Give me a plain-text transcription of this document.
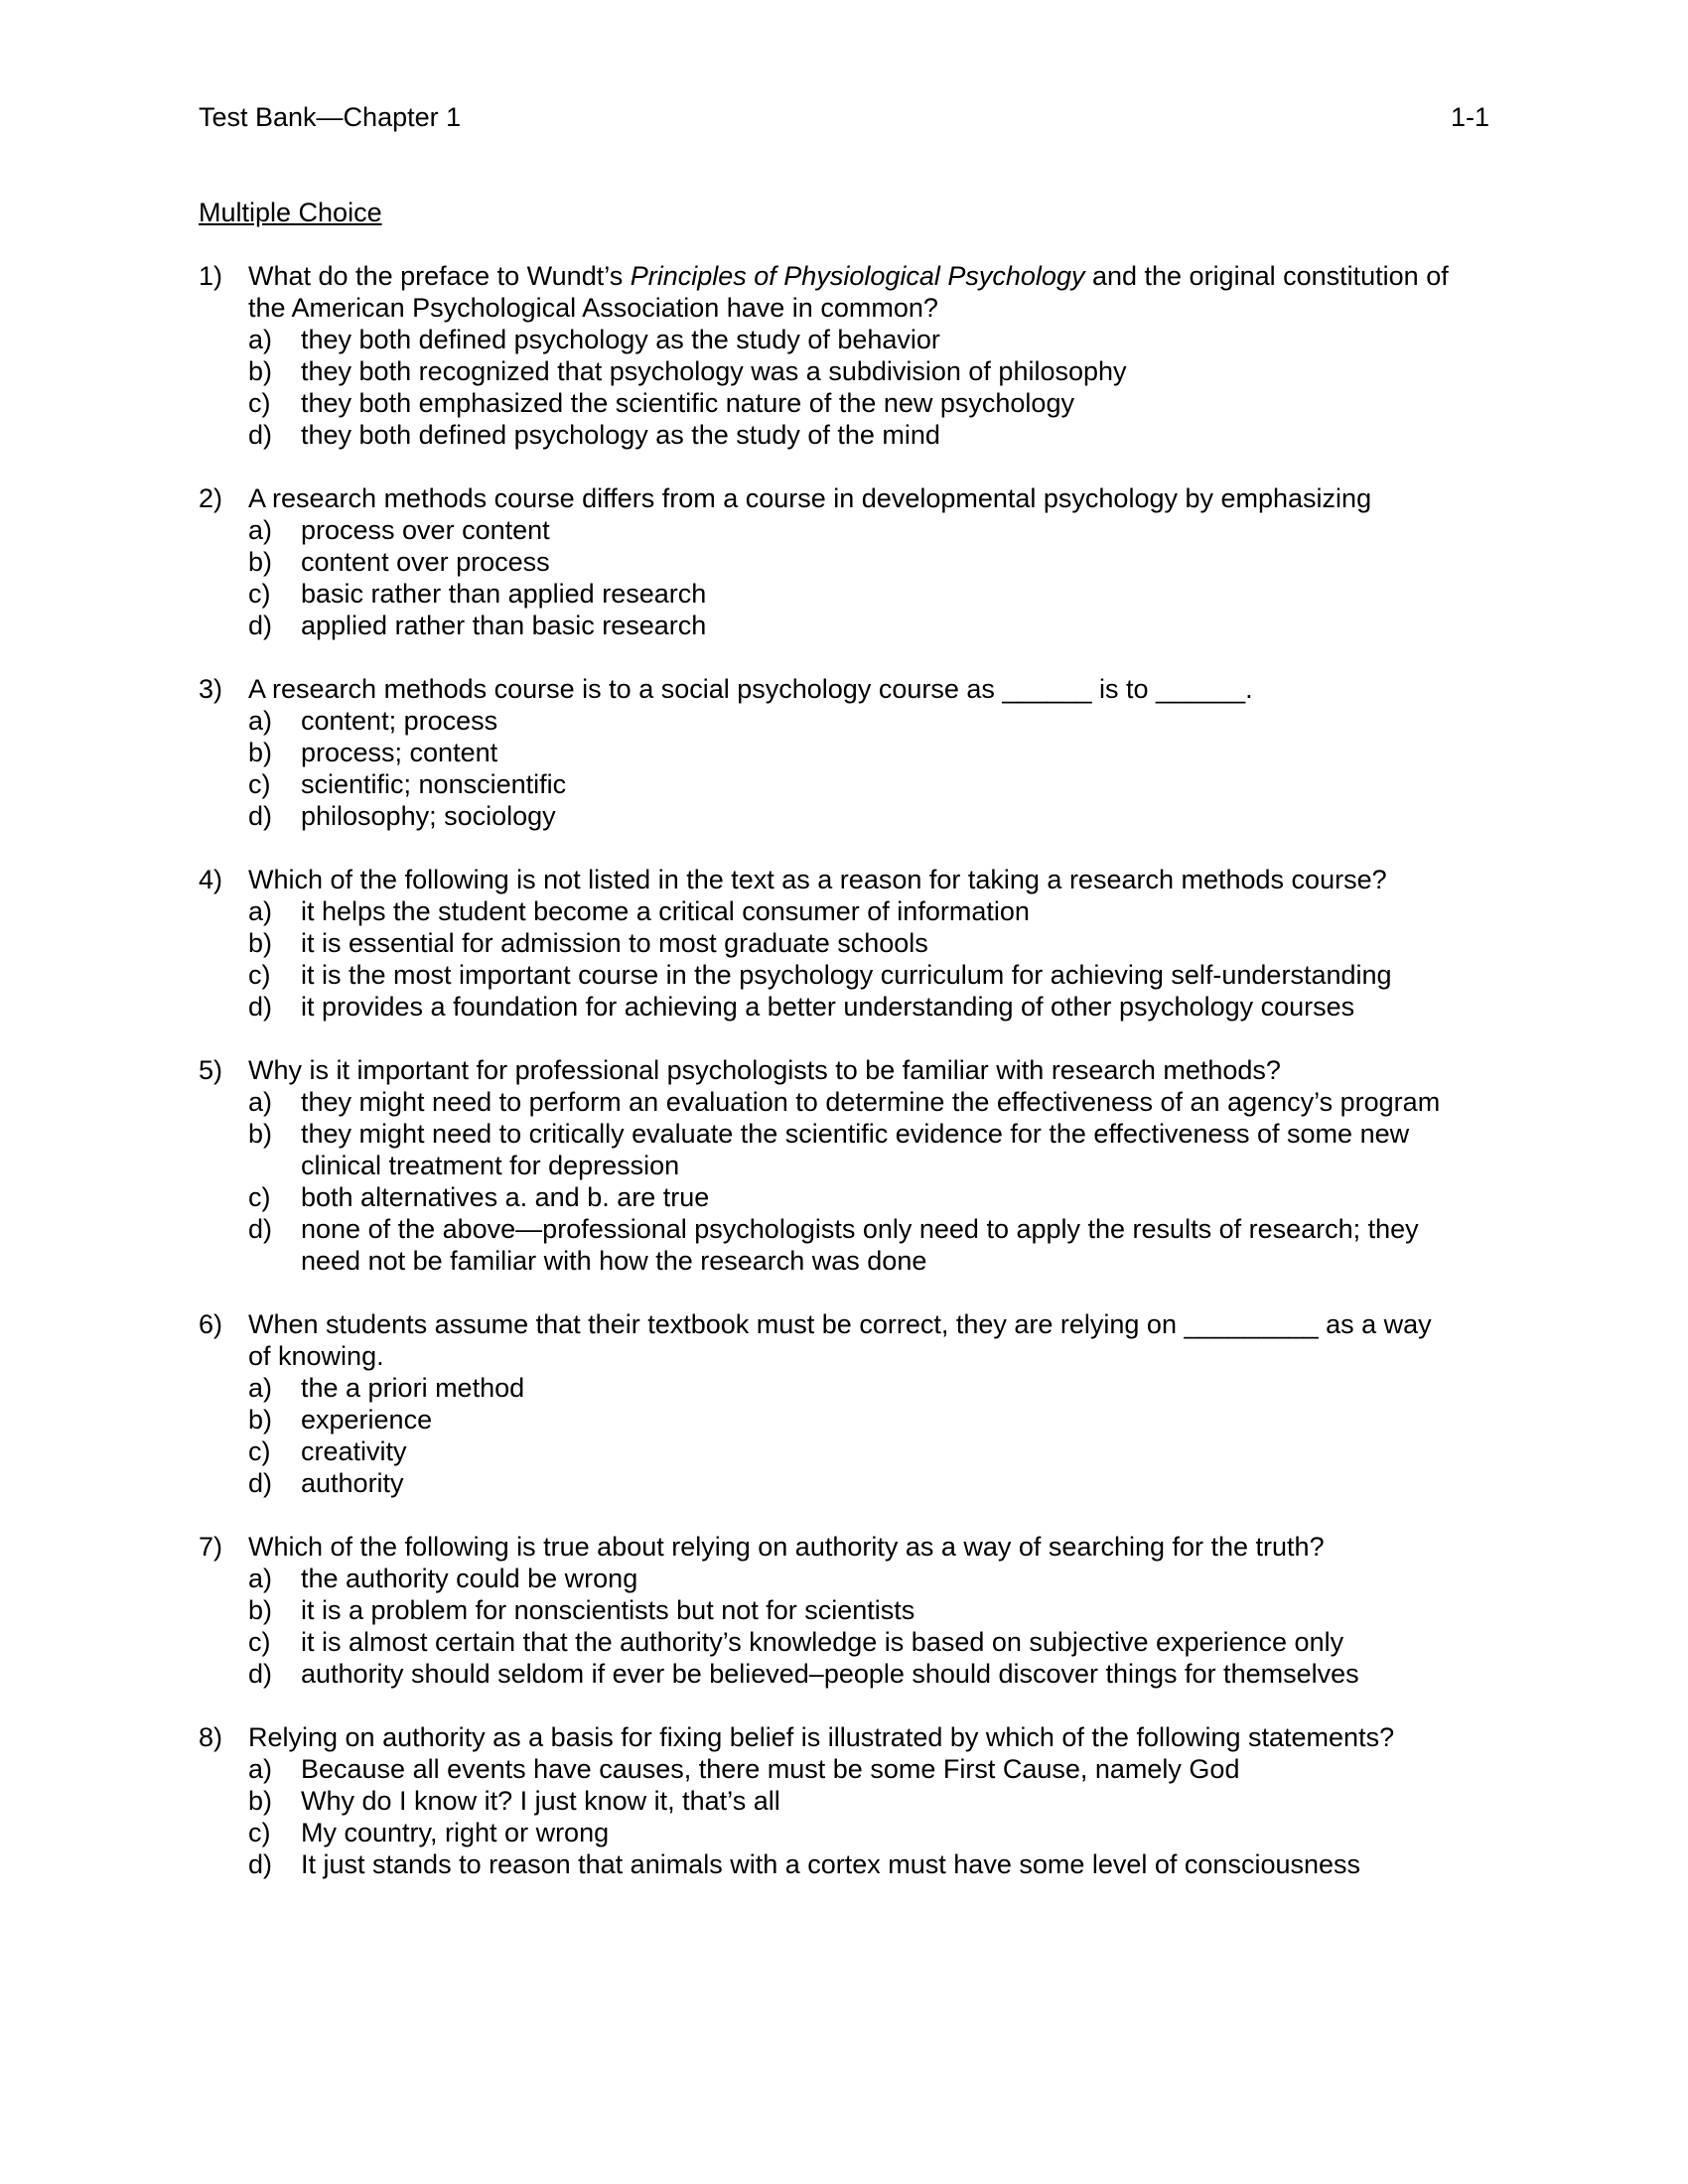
Test Bank—Chapter 1	1-1
Multiple Choice
1) What do the preface to Wundt’s Principles of Physiological Psychology and the original constitution of
the American Psychological Association have in common?
a)	they both defined psychology as the study of behavior
b)	they both recognized that psychology was a subdivision of philosophy
c)	they both emphasized the scientific nature of the new psychology
d)	they both defined psychology as the study of the mind
2) A research methods course differs from a course in developmental psychology by emphasizing
a)	process over content
b)	content over process
c)	basic rather than applied research
d)	applied rather than basic research
3) A research methods course is to a social psychology course as ______ is to ______.
a)	content; process
b)	process; content
c)	scientific; nonscientific
d)	philosophy; sociology
4) Which of the following is not listed in the text as a reason for taking a research methods course?
a)	it helps the student become a critical consumer of information
b)	it is essential for admission to most graduate schools
c)	it is the most important course in the psychology curriculum for achieving self-understanding
d)	it provides a foundation for achieving a better understanding of other psychology courses
5) Why is it important for professional psychologists to be familiar with research methods?
a)	they might need to perform an evaluation to determine the effectiveness of an agency’s program
b)	they might need to critically evaluate the scientific evidence for the effectiveness of some new
clinical treatment for depression
c)	both alternatives a. and b. are true
d)	none of the above—professional psychologists only need to apply the results of research; they
need not be familiar with how the research was done
6) When students assume that their textbook must be correct, they are relying on _________ as a way
of knowing.
a)	the a priori method
b)	experience
c)	creativity
d)	authority
7) Which of the following is true about relying on authority as a way of searching for the truth?
a)	the authority could be wrong
b)	it is a problem for nonscientists but not for scientists
c)	it is almost certain that the authority’s knowledge is based on subjective experience only
d)	authority should seldom if ever be believed–people should discover things for themselves
8) Relying on authority as a basis for fixing belief is illustrated by which of the following statements?
a)	Because all events have causes, there must be some First Cause, namely God
b)	Why do I know it? I just know it, that’s all
c)	My country, right or wrong
d)	It just stands to reason that animals with a cortex must have some level of consciousness
